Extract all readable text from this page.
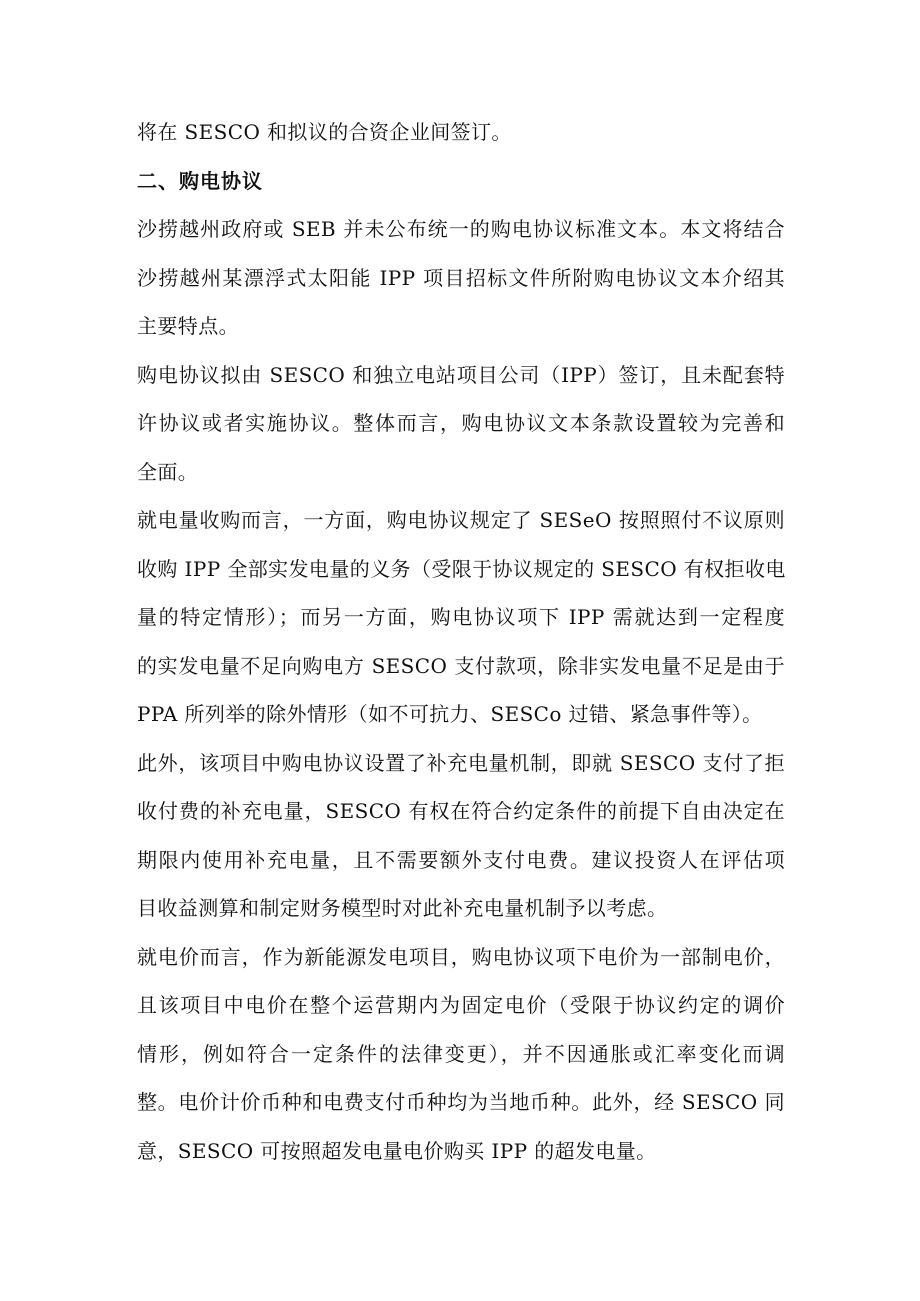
将在 SESCO 和拟议的合资企业间签订。
二、购电协议
沙捞越州政府或 SEB 并未公布统一的购电协议标准文本。本文将结合
沙捞越州某漂浮式太阳能 IPP 项目招标文件所附购电协议文本介绍其
主要特点。
购电协议拟由 SESCO 和独立电站项目公司（IPP）签订，且未配套特
许协议或者实施协议。整体而言，购电协议文本条款设置较为完善和
全面。
就电量收购而言，一方面，购电协议规定了 SESeO 按照照付不议原则
收购 IPP 全部实发电量的义务（受限于协议规定的 SESCO 有权拒收电
量的特定情形）；而另一方面，购电协议项下 IPP 需就达到一定程度
的实发电量不足向购电方 SESCO 支付款项，除非实发电量不足是由于
PPA 所列举的除外情形（如不可抗力、SESCo 过错、紧急事件等）。
此外，该项目中购电协议设置了补充电量机制，即就 SESCO 支付了拒
收付费的补充电量，SESCO 有权在符合约定条件的前提下自由决定在
期限内使用补充电量，且不需要额外支付电费。建议投资人在评估项
目收益测算和制定财务模型时对此补充电量机制予以考虑。
就电价而言，作为新能源发电项目，购电协议项下电价为一部制电价，
且该项目中电价在整个运营期内为固定电价（受限于协议约定的调价
情形，例如符合一定条件的法律变更），并不因通胀或汇率变化而调
整。电价计价币种和电费支付币种均为当地币种。此外，经 SESCO 同
意，SESCO 可按照超发电量电价购买 IPP 的超发电量。
